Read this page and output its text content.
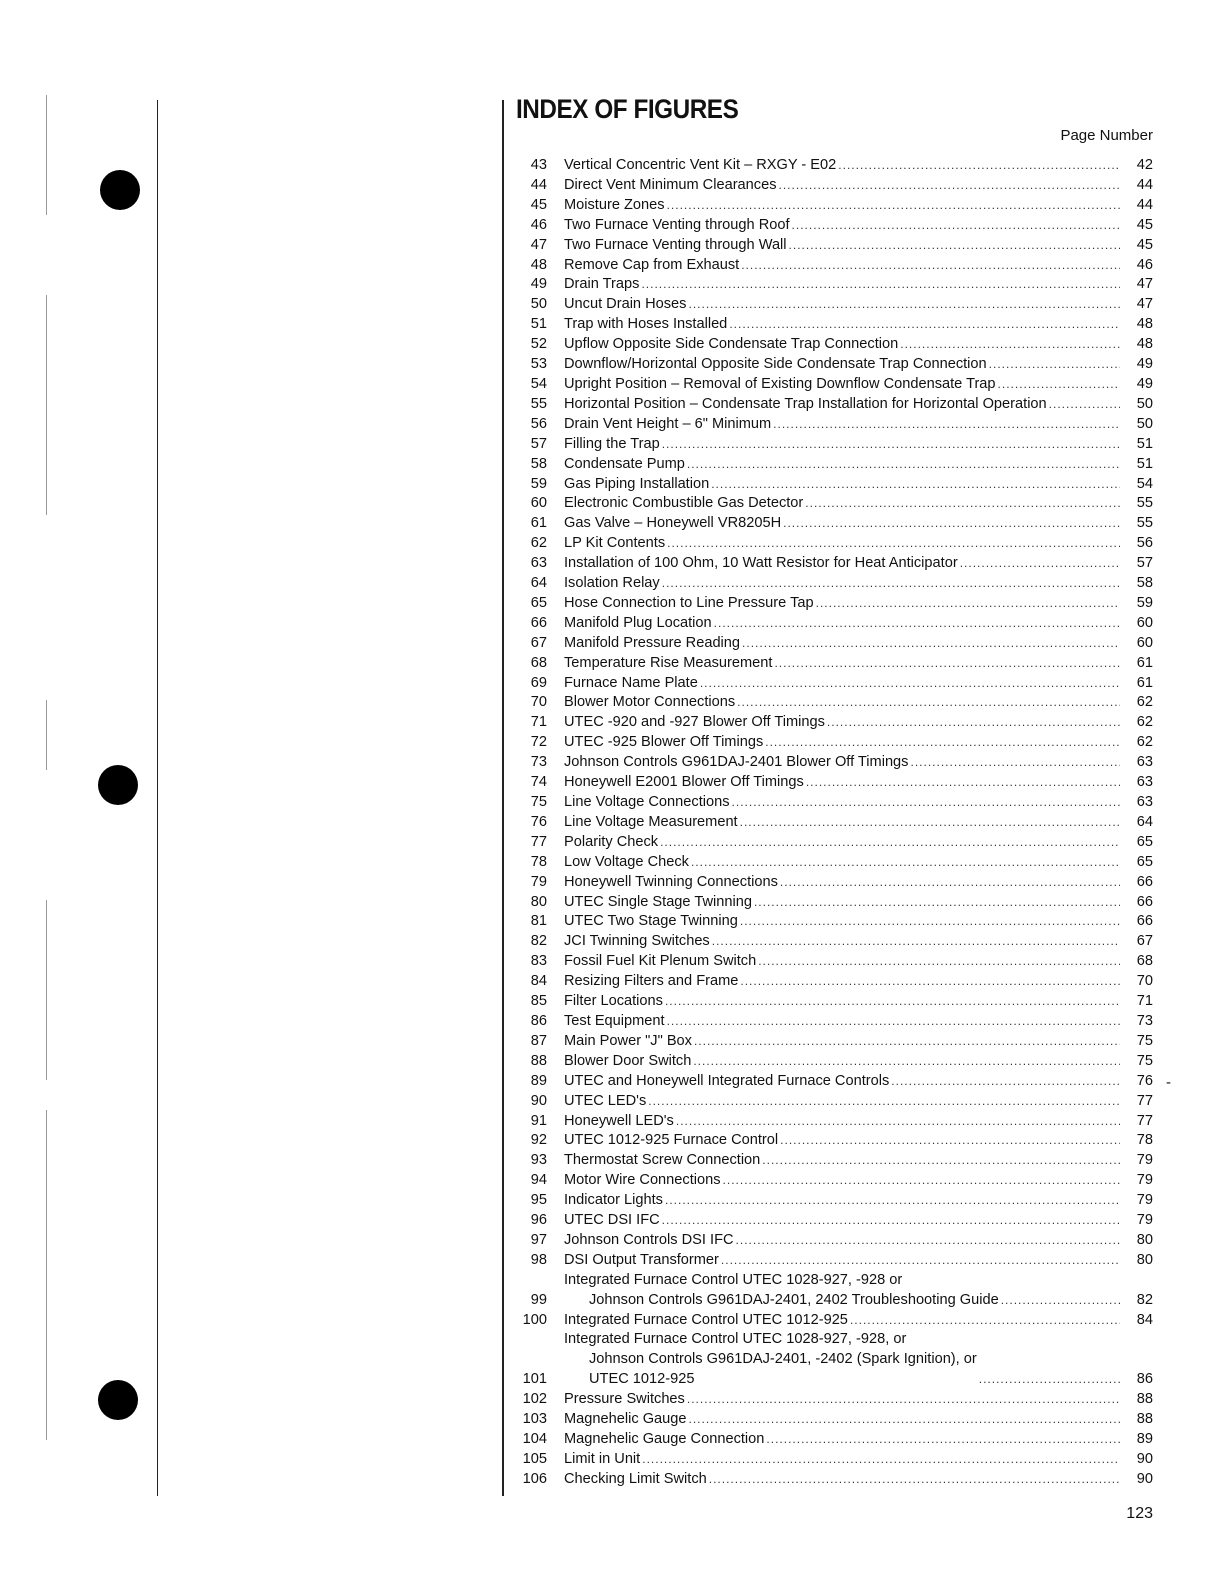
INDEX OF FIGURES
Page Number
43 Vertical Concentric Vent Kit – RXGY - E02 .....	42
44 Direct Vent Minimum Clearances .....	44
45 Moisture Zones .....	44
46 Two Furnace Venting through Roof .....	45
47 Two Furnace Venting through Wall .....	45
48 Remove Cap from Exhaust .....	46
49 Drain Traps .....	47
50 Uncut Drain Hoses .....	47
51 Trap with Hoses Installed .....	48
52 Upflow Opposite Side Condensate Trap Connection .....	48
53 Downflow/Horizontal Opposite Side Condensate Trap Connection .....	49
54 Upright Position – Removal of Existing Downflow Condensate Trap .....	49
55 Horizontal Position – Condensate Trap Installation for Horizontal Operation .....	50
56 Drain Vent Height – 6" Minimum .....	50
57 Filling the Trap .....	51
58 Condensate Pump .....	51
59 Gas Piping Installation .....	54
60 Electronic Combustible Gas Detector .....	55
61 Gas Valve – Honeywell VR8205H .....	55
62 LP Kit Contents .....	56
63 Installation of 100 Ohm, 10 Watt Resistor for Heat Anticipator .....	57
64 Isolation Relay .....	58
65 Hose Connection to Line Pressure Tap .....	59
66 Manifold Plug Location .....	60
67 Manifold Pressure Reading .....	60
68 Temperature Rise Measurement .....	61
69 Furnace Name Plate .....	61
70 Blower Motor Connections .....	62
71 UTEC -920 and -927 Blower Off Timings .....	62
72 UTEC -925 Blower Off Timings .....	62
73 Johnson Controls G961DAJ-2401 Blower Off Timings .....	63
74 Honeywell E2001 Blower Off Timings .....	63
75 Line Voltage Connections .....	63
76 Line Voltage Measurement .....	64
77 Polarity Check .....	65
78 Low Voltage Check .....	65
79 Honeywell Twinning Connections .....	66
80 UTEC Single Stage Twinning .....	66
81 UTEC Two Stage Twinning .....	66
82 JCI Twinning Switches .....	67
83 Fossil Fuel Kit Plenum Switch .....	68
84 Resizing Filters and Frame .....	70
85 Filter Locations .....	71
86 Test Equipment .....	73
87 Main Power "J" Box .....	75
88 Blower Door Switch .....	75
89 UTEC and Honeywell Integrated Furnace Controls .....	76
90 UTEC LED's .....	77
91 Honeywell LED's .....	77
92 UTEC 1012-925 Furnace Control .....	78
93 Thermostat Screw Connection .....	79
94 Motor Wire Connections .....	79
95 Indicator Lights .....	79
96 UTEC DSI IFC .....	79
97 Johnson Controls DSI IFC .....	80
98 DSI Output Transformer .....	80
99
Integrated Furnace Control UTEC 1028-927, -928 or
Johnson Controls G961DAJ-2401, 2402 Troubleshooting Guide .....	82
100 Integrated Furnace Control UTEC 1012-925 .....	84
101
Integrated Furnace Control UTEC 1028-927, -928, or
Johnson Controls G961DAJ-2401, -2402 (Spark Ignition), or
UTEC 1012-925 .....	86
102 Pressure Switches .....	88
103 Magnehelic Gauge .....	88
104 Magnehelic Gauge Connection .....	89
105 Limit in Unit .....	90
106 Checking Limit Switch .....	90
-
123
